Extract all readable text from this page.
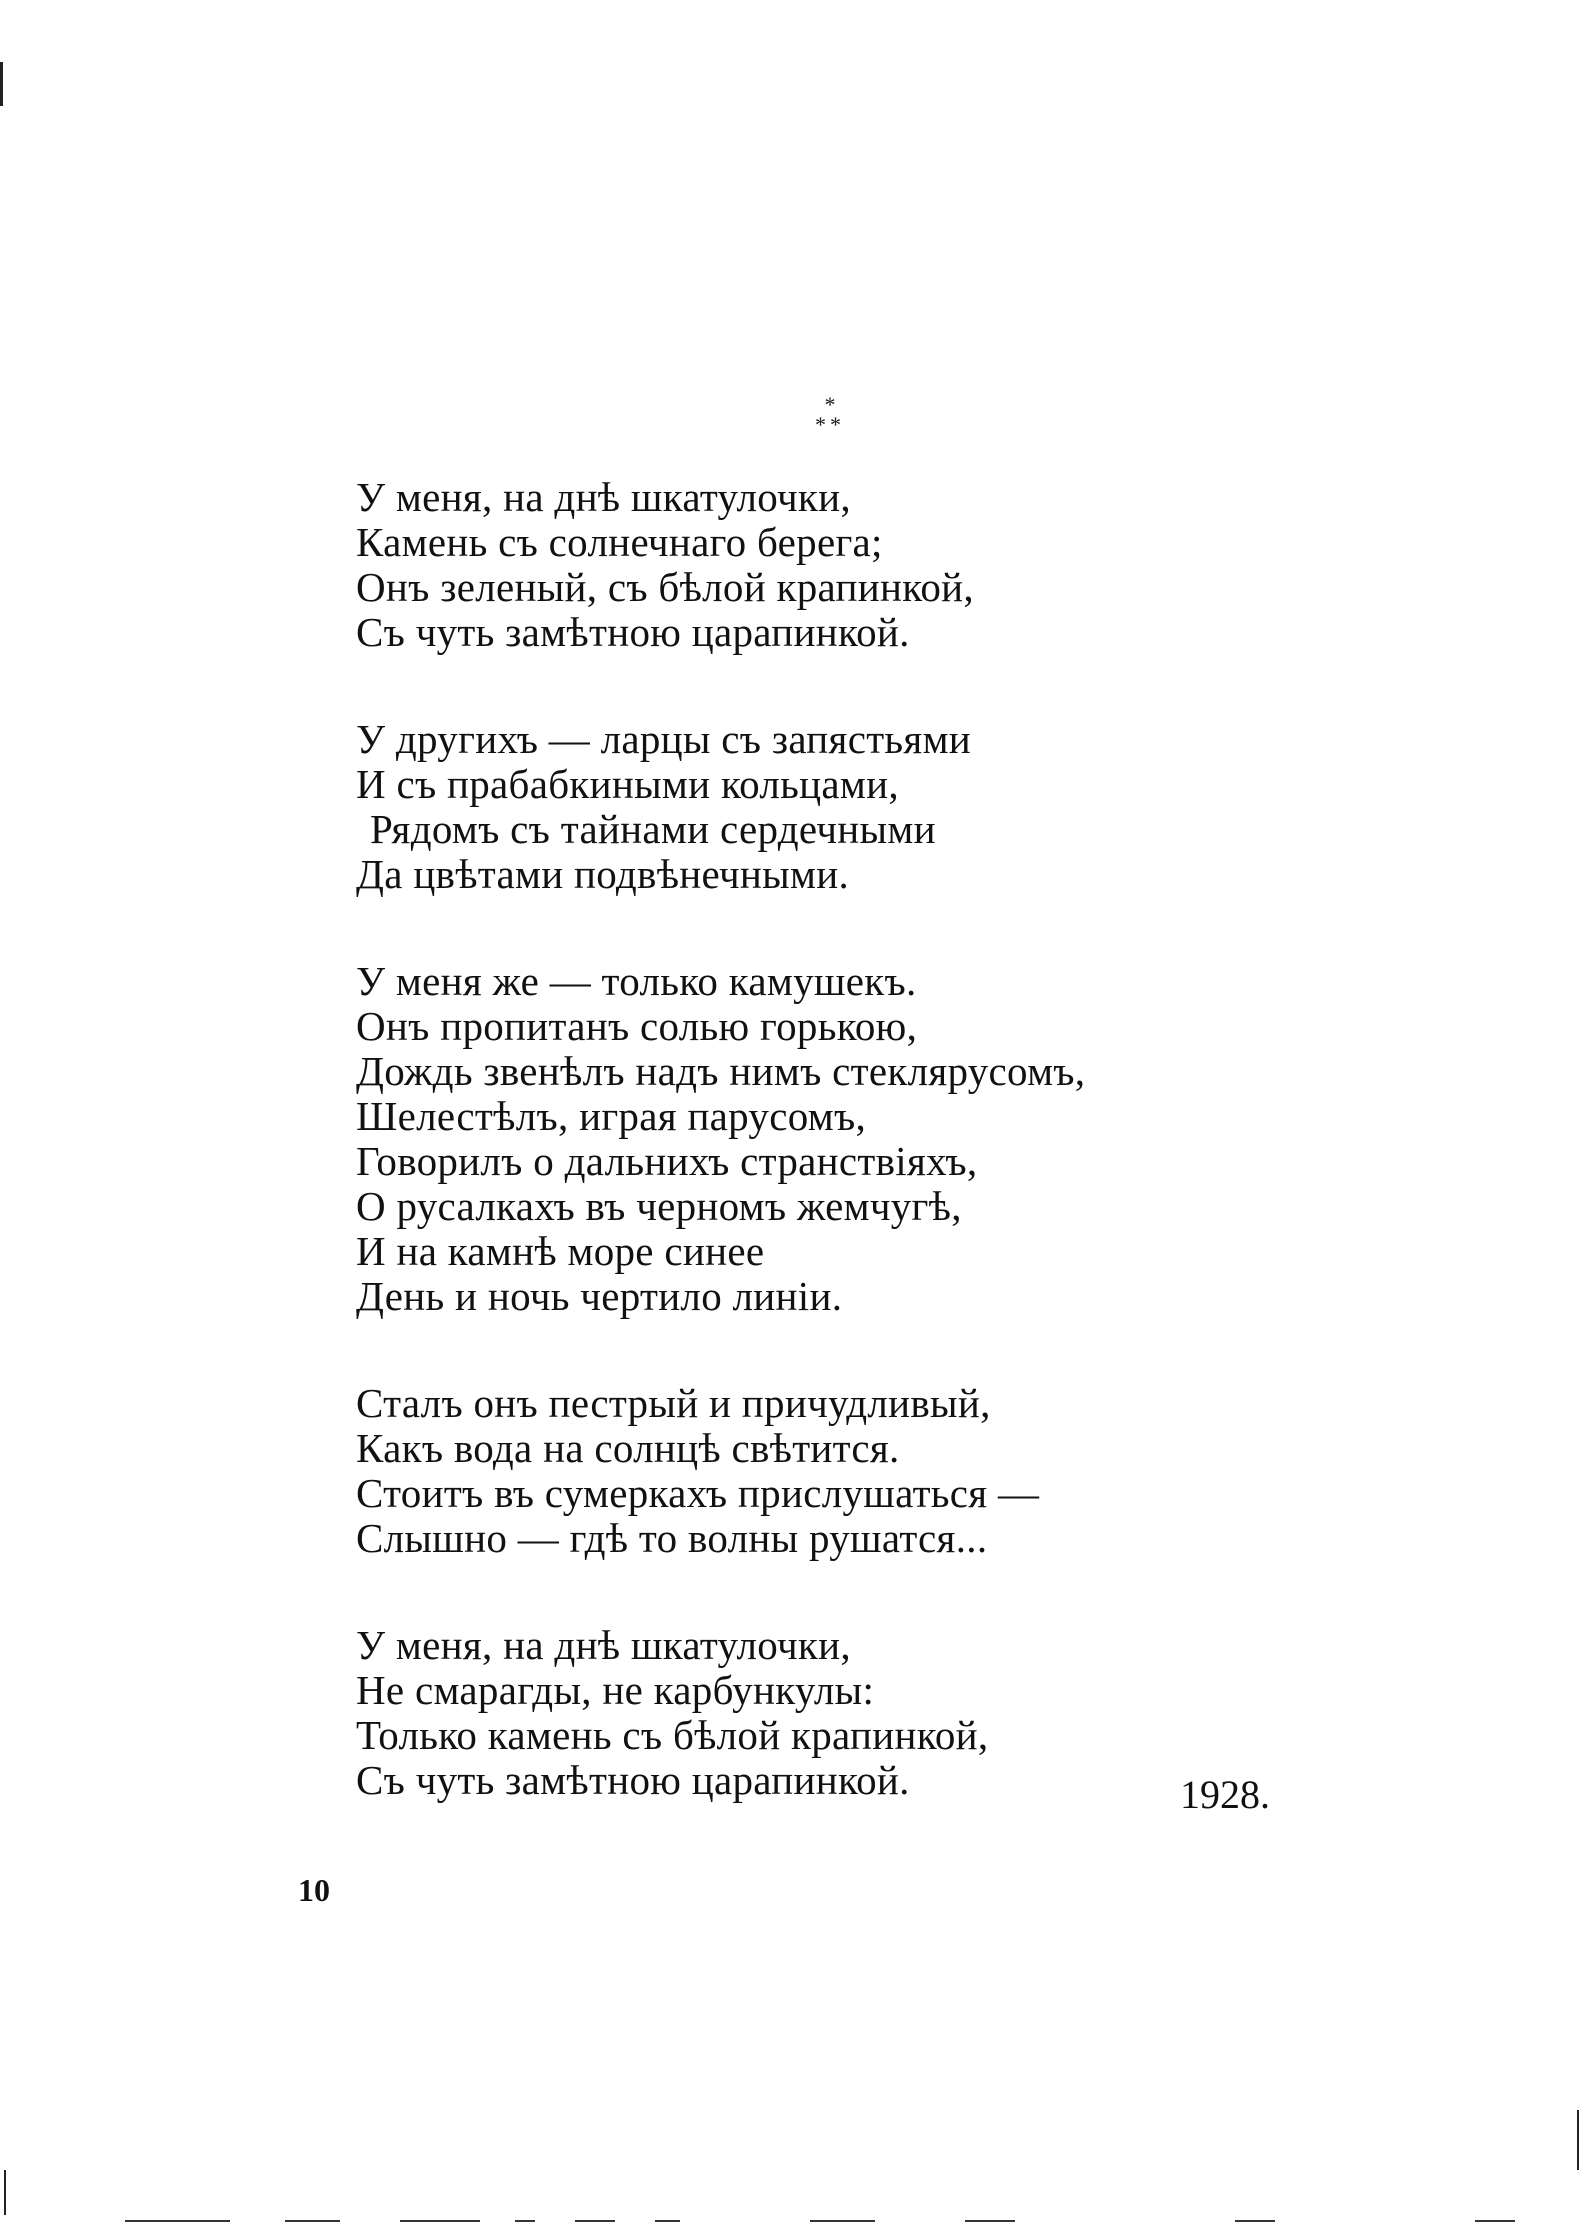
*
**
У меня, на днѣ шкатулочки,
Камень съ солнечнаго берега;
Онъ зеленый, съ бѣлой крапинкой,
Съ чуть замѣтною царапинкой.
У другихъ — ларцы съ запястьями
И съ прабабкиными кольцами,
Рядомъ съ тайнами сердечными
Да цвѣтами подвѣнечными.
У меня же — только камушекъ.
Онъ пропитанъ солью горькою,
Дождь звенѣлъ надъ нимъ стеклярусомъ,
Шелестѣлъ, играя парусомъ,
Говорилъ о дальнихъ странствiяхъ,
О русалкахъ въ черномъ жемчугѣ,
И на камнѣ море синее
День и ночь чертило линiи.
Сталъ онъ пестрый и причудливый,
Какъ вода на солнцѣ свѣтится.
Стоитъ въ сумеркахъ прислушаться —
Слышно — гдѣ то волны рушатся...
У меня, на днѣ шкатулочки,
Не смарагды, не карбункулы:
Только камень съ бѣлой крапинкой,
Съ чуть замѣтною царапинкой.	1928.
10
